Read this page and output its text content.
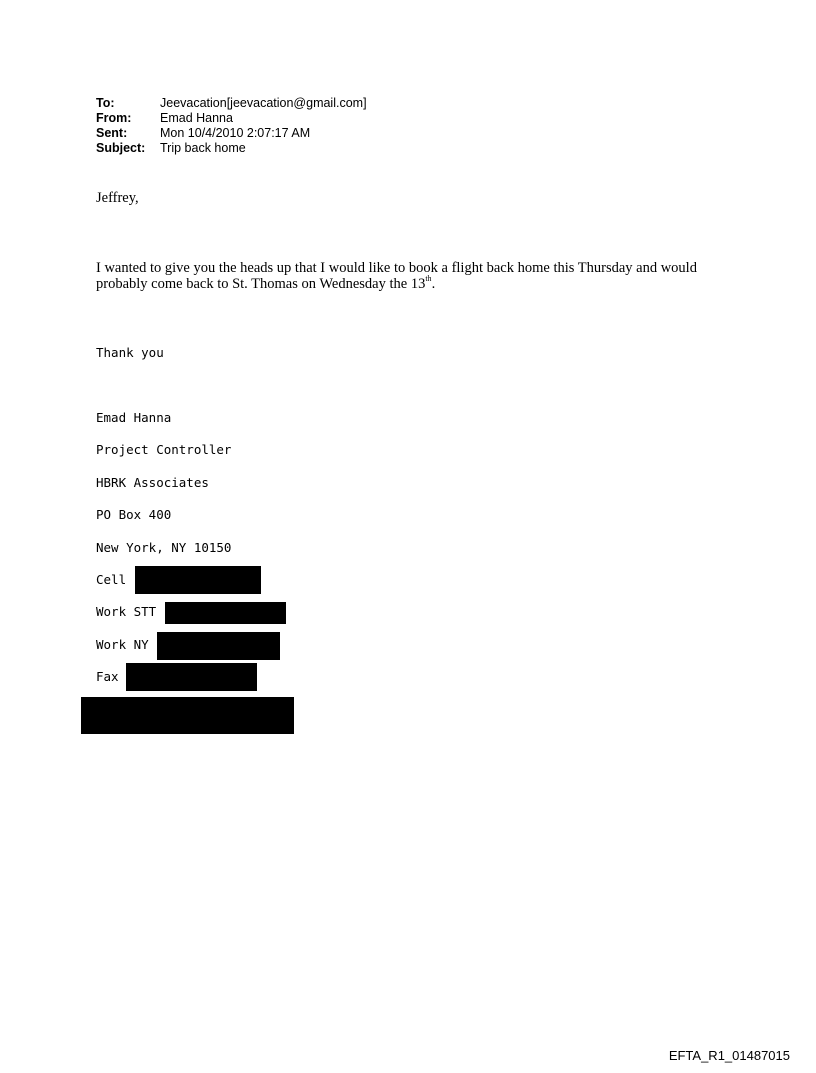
To:	Jeevacation[jeevacation@gmail.com]
From:	Emad Hanna
Sent:	Mon 10/4/2010 2:07:17 AM
Subject:	Trip back home
Jeffrey,
I wanted to give you the heads up that I would like to book a flight back home this Thursday and would probably come back to St. Thomas on Wednesday the 13th.
Thank you
Emad Hanna
Project Controller
HBRK Associates
PO Box 400
New York, NY 10150
Cell
Work STT
Work NY
Fax
EFTA_R1_01487015
